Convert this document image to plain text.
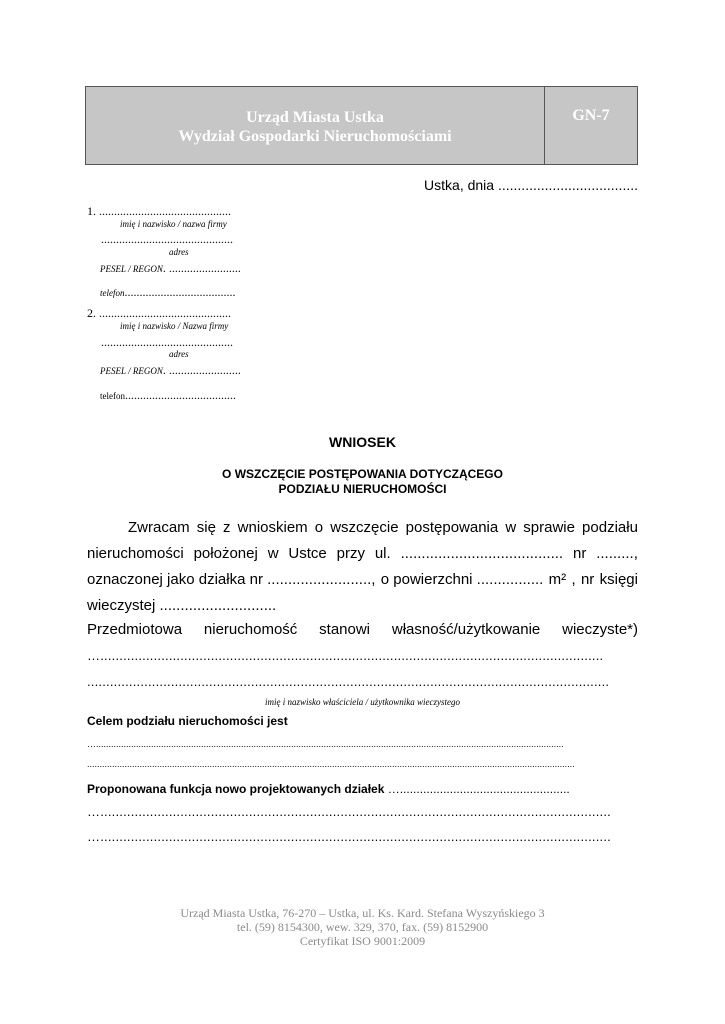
Urząd Miasta Ustka
Wydział Gospodarki Nieruchomościami
GN-7
Ustka, dnia ....................................
1. ............................................
imię i nazwisko / nazwa firmy
............................................
adres
PESEL / REGON. ........................
telefon.....................................
2. ............................................
imię i nazwisko / Nazwa firmy
............................................
adres
PESEL / REGON. ........................
telefon.....................................
WNIOSEK
O WSZCZĘCIE POSTĘPOWANIA DOTYCZĄCEGO
PODZIAŁU NIERUCHOMOŚCI
Zwracam się z wnioskiem o wszczęcie postępowania w sprawie podziału
nieruchomości położonej w Ustce przy ul. ....................................... nr .........,
oznaczonej jako działka nr ........................., o powierzchni ................ m² , nr księgi
wieczystej ............................
Przedmiotowa nieruchomość stanowi własność/użytkowanie wieczyste*)
…....................................................................................................................................
.........................................................................................................................................
imię i nazwisko właściciela / użytkownika wieczystego
Celem podziału nieruchomości jest
…...........................................................................................................................................................................................
...................................................................................................................................................................................................
Proponowana funkcja nowo projektowanych działek …...................................................
…......................................................................................................................................
…......................................................................................................................................
Urząd Miasta Ustka, 76-270 – Ustka, ul. Ks. Kard. Stefana Wyszyńskiego 3
tel. (59) 8154300, wew. 329, 370, fax. (59) 8152900
Certyfikat ISO 9001:2009
